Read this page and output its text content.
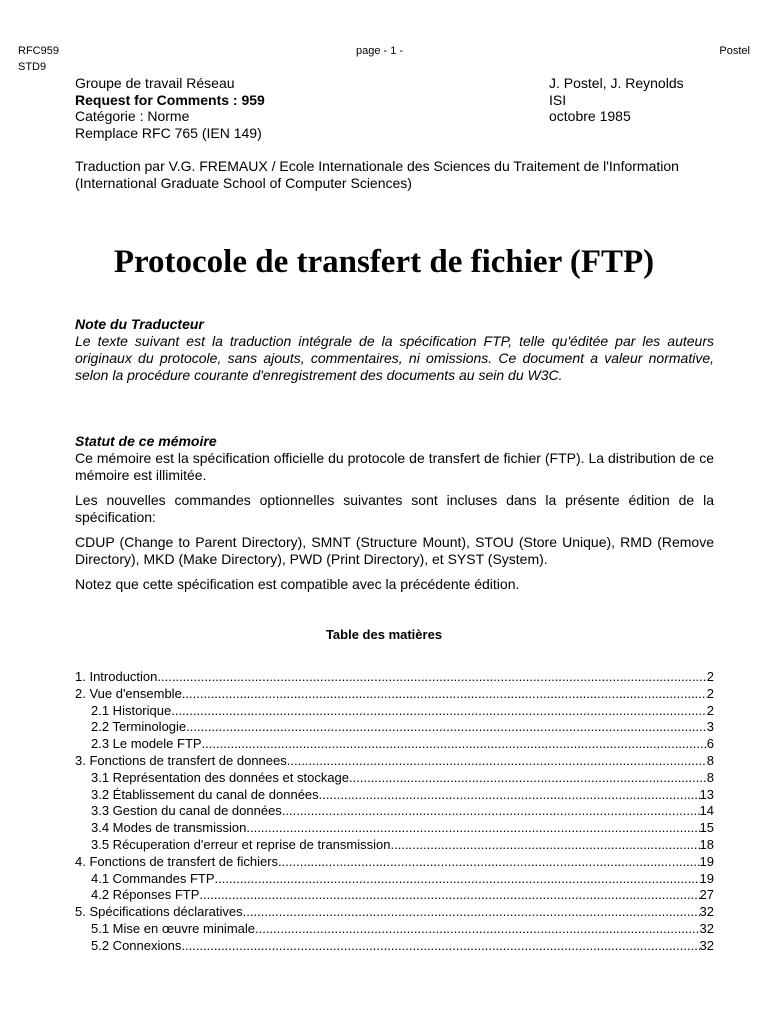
RFC959	page - 1 -	Postel
STD9
Groupe de travail Réseau
Request for Comments : 959
Catégorie : Norme
Remplace RFC 765 (IEN 149)
J. Postel, J. Reynolds
ISI
octobre 1985
Traduction par V.G. FREMAUX / Ecole Internationale des Sciences du Traitement de l'Information (International Graduate School of Computer Sciences)
Protocole de transfert de fichier (FTP)
Note du Traducteur
Le texte suivant est la traduction intégrale de la spécification FTP, telle qu'éditée par les auteurs originaux du protocole, sans ajouts, commentaires, ni omissions. Ce document a valeur normative, selon la procédure courante d'enregistrement des documents au sein du W3C.
Statut de ce mémoire
Ce mémoire est la spécification officielle du protocole de transfert de fichier (FTP). La distribution de ce mémoire est illimitée.
Les nouvelles commandes optionnelles suivantes sont incluses dans la présente édition de la spécification:
CDUP (Change to Parent Directory), SMNT (Structure Mount), STOU (Store Unique), RMD (Remove Directory), MKD (Make Directory), PWD (Print Directory), et SYST (System).
Notez que cette spécification est compatible avec la précédente édition.
Table des matières
1. Introduction .....	2
2. Vue d'ensemble .....	2
2.1 Historique .....	2
2.2 Terminologie .....	3
2.3 Le modele FTP .....	6
3. Fonctions de transfert de donnees .....	8
3.1 Représentation des données et stockage .....	8
3.2 Établissement du canal de données .....	13
3.3 Gestion du canal de données .....	14
3.4 Modes de transmission .....	15
3.5 Récuperation d'erreur et reprise de transmission .....	18
4. Fonctions de transfert de fichiers .....	19
4.1 Commandes FTP .....	19
4.2 Réponses FTP .....	27
5. Spécifications déclaratives .....	32
5.1 Mise en œuvre minimale .....	32
5.2 Connexions .....	32
